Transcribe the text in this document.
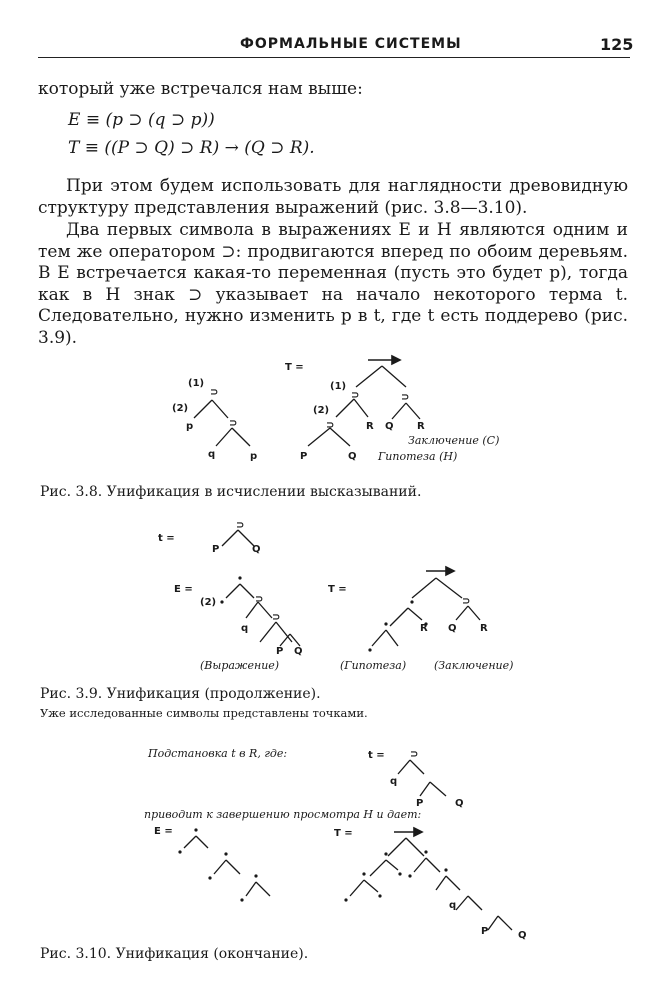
ФОРМАЛЬНЫЕ СИСТЕМЫ	125

который уже встречался нам выше:

E ≡ (p ⊃ (q ⊃ p))

T ≡ ((P ⊃ Q) ⊃ R) → (Q ⊃ R).

При этом будем использовать для наглядности древовидную структуру представления выражений (рис. 3.8—3.10).

Два первых символа в выражениях E и H являются одним и тем же оператором ⊃: продвигаются вперед по обоим деревьям. В E встречается какая-то переменная (пусть это будет p), тогда как в H знак ⊃ указывает на начало некоторого терма t. Следовательно, нужно изменить p в t, где t есть поддерево (рис. 3.9).

T =
(1)
(2)
⊃
⊃
p
q	p
(1)
(2)
⊃	⊃
⊃	R Q R
P	Q
Заключение (С)
Гипотеза (Н)
t =
⊃
P	Q
E =
(2)	⊃
⊃
q
P Q
T =
⊃
R Q R
(Выражение)	(Гипотеза)	(Заключение)
Подстановка t в R, где:	t =	⊃
q
P	Q
приводит к завершению просмотра H и дает:
E =	T =
q
P	Q

Рис. 3.8. Унификация в исчислении высказываний.

Рис. 3.9. Унификация (продолжение).

Уже исследованные символы представлены точками.

Рис. 3.10. Унификация (окончание).
